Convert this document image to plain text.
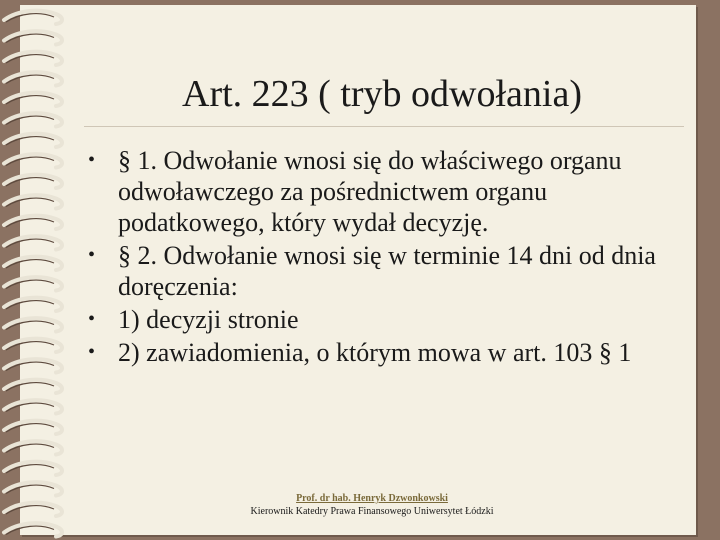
Art. 223 ( tryb odwołania)
• § 1. Odwołanie wnosi się do właściwego organu odwoławczego za pośrednictwem organu podatkowego, który wydał decyzję.
• § 2. Odwołanie wnosi się w terminie 14 dni od dnia doręczenia:
• 1) decyzji stronie
• 2) zawiadomienia, o którym mowa w art. 103 § 1
Prof. dr hab. Henryk Dzwonkowski
Kierownik Katedry Prawa Finansowego Uniwersytet Łódzki
